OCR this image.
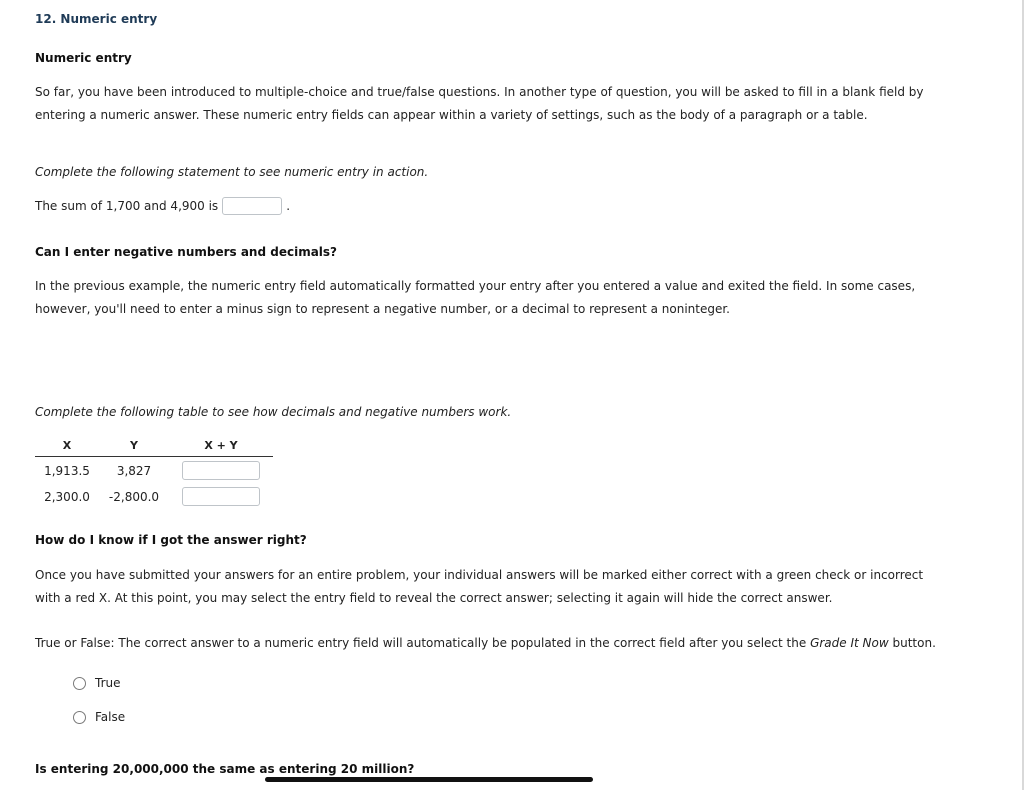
12. Numeric entry
Numeric entry
So far, you have been introduced to multiple-choice and true/false questions. In another type of question, you will be asked to fill in a blank field by
entering a numeric answer. These numeric entry fields can appear within a variety of settings, such as the body of a paragraph or a table.
Complete the following statement to see numeric entry in action.
The sum of 1,700 and 4,900 is	.
Can I enter negative numbers and decimals?
In the previous example, the numeric entry field automatically formatted your entry after you entered a value and exited the field. In some cases,
however, you'll need to enter a minus sign to represent a negative number, or a decimal to represent a noninteger.
Complete the following table to see how decimals and negative numbers work.
X	Y	X + Y
1,913.5	3,827	
2,300.0	-2,800.0	
How do I know if I got the answer right?
Once you have submitted your answers for an entire problem, your individual answers will be marked either correct with a green check or incorrect
with a red X. At this point, you may select the entry field to reveal the correct answer; selecting it again will hide the correct answer.
True or False: The correct answer to a numeric entry field will automatically be populated in the correct field after you select the Grade It Now button.
True
False
Is entering 20,000,000 the same as entering 20 million?
